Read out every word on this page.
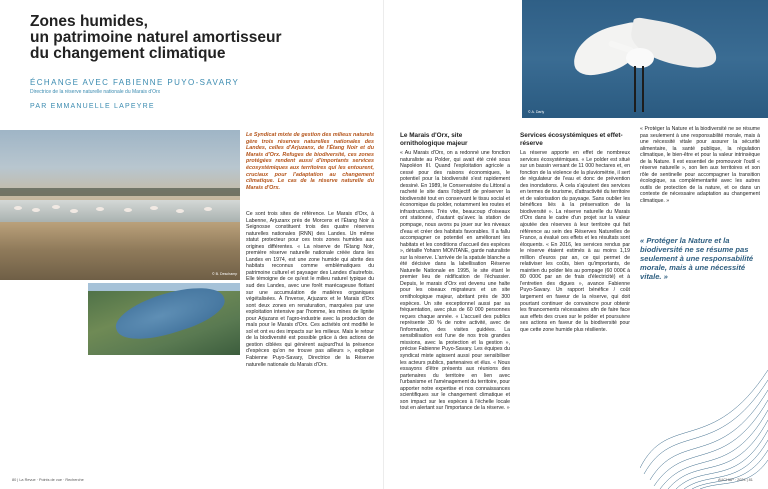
Zones humides,
un patrimoine naturel amortisseur
du changement climatique
ÉCHANGE AVEC FABIENNE PUYO-SAVARY
Directrice de la réserve naturelle nationale du Marais d'Orx
PAR EMMANUELLE LAPEYRE
© B. Deschamp
Le Syndicat mixte de gestion des milieux naturels gère trois réserves naturelles nationales des Landes, celles d'Arjuzanx, de l'Étang Noir et du Marais d'Orx. Refuges de biodiversité, ces zones protégées rendent aussi d'importants services écosystémiques aux territoires qui les entourent, cruciaux pour l'adaptation au changement climatique. Le cas de la réserve naturelle du Marais d'Orx.
Ce sont trois sites de référence. Le Marais d'Orx, à Labenne, Arjuzanx près de Morcenx et l'Étang Noir à Seignosse constituent trois des quatre réserves naturelles nationales (RNN) des Landes. Un même statut protecteur pour ces trois zones humides aux origines différentes. « La réserve de l'Étang Noir, première réserve naturelle nationale créée dans les Landes en 1974, est une zone humide qui abrite des habitats reconnus comme emblématiques du patrimoine culturel et paysager des Landes d'autrefois. Elle témoigne de ce qu'est le milieu naturel typique du sud des Landes, avec une forêt marécageuse flottant sur une accumulation de matières organiques végétalisées. À l'inverse, Arjuzanx et le Marais d'Orx sont deux zones en renaturation, marquées par une exploitation intensive par l'homme, les mines de lignite pour Arjuzanx et l'agro-industrie avec la production de maïs pour le Marais d'Orx. Ces activités ont modifié le sol et ont eu des impacts sur les milieux. Mais le retour de la biodiversité est possible grâce à des actions de gestion ciblées qui génèrent aujourd'hui la présence d'espèces qu'on ne trouve pas ailleurs », explique Fabienne Puyo-Savary, Directrice de la Réserve naturelle nationale du Marais d'Orx.
80 | La Revue · Points de vue · Recherche
© A. Darly
Le Marais d'Orx, site ornithologique majeur
« Au Marais d'Orx, on a redonné une fonction naturaliste au Polder, qui avait été créé sous Napoléon III. Quand l'exploitation agricole a cessé pour des raisons économiques, le potentiel pour la biodiversité s'est rapidement dessiné. En 1989, le Conservatoire du Littoral a racheté le site dans l'objectif de préserver la biodiversité tout en conservant le tissu social et économique du polder, notamment les routes et infrastructures. Très vite, beaucoup d'oiseaux ont stationné, d'autant qu'avec la station de pompage, nous avons pu jouer sur les niveaux d'eau et créer des habitats favorables. Il a fallu accompagner ce potentiel en améliorant les habitats et les conditions d'accueil des espèces », détaille Yohann MONTANE, garde naturaliste sur la réserve. L'arrivée de la spatule blanche a été décisive dans la labellisation Réserve Naturelle Nationale en 1995, le site étant le premier lieu de nidification de l'échassier. Depuis, le marais d'Orx est devenu une halte pour les oiseaux migrateurs et un site ornithologique majeur, abritant près de 300 espèces. Un site exceptionnel aussi par sa fréquentation, avec plus de 60 000 personnes reçues chaque année. « L'accueil des publics représente 30 % de notre activité, avec de l'information, des visites guidées. La sensibilisation est l'une de nos trois grandes missions, avec la protection et la gestion », précise Fabienne Puyo-Savary. Les équipes du syndicat mixte agissent aussi pour sensibiliser les acteurs publics, partenaires et élus. « Nous essayons d'être présents aux réunions des partenaires du territoire en lien avec l'urbanisme et l'aménagement du territoire, pour apporter notre expertise et nos connaissances scientifiques sur le changement climatique et son impact sur les espèces à l'échelle locale tout en alertant sur l'importance de la réserve. »
Services écosystémiques et effet-réserve
La réserve apporte en effet de nombreux services écosystémiques. « Le polder est situé sur un bassin versant de 11 000 hectares et, en fonction de la violence de la pluviométrie, il sert de régulateur de l'eau et donc de prévention des inondations. À cela s'ajoutent des services en termes de tourisme, d'attractivité du territoire et de valorisation du paysage. Sans oublier les bénéfices liés à la préservation de la biodiversité ». La réserve naturelle du Marais d'Orx dans le cadre d'un projet sur la valeur ajoutée des réserves à leur territoire qui fait référence au sein des Réserves Naturelles de France, a évalué ces effets et les résultats sont éloquents. « En 2016, les services rendus par le réserve étaient estimés à au moins 1,19 million d'euros par an, ce qui permet de relativiser les coûts, bien qu'importants, de maintien du polder liés au pompage (60 000€ à 80 000€ par an de frais d'électricité) et à l'entretien des digues », avance Fabienne Puyo-Savary. Un rapport bénéfice / coût largement en faveur de la réserve, qui doit pourtant continuer de convaincre pour obtenir les financements nécessaires afin de faire face aux effets des crues sur le polder et poursuivre ses actions en faveur de la biodiversité pour que cette zone humide plus résiliente.
« Protéger la Nature et la biodiversité ne se résume pas seulement à une responsabilité morale, mais à une nécessité vitale pour assurer la sécurité alimentaire, la santé publique, la régulation climatique, le bien-être et pour la valeur intrinsèque de la Nature. Il est essentiel de promouvoir l'outil « réserve naturelle », son lien aux territoires et son rôle de sentinelle pour accompagner la transition écologique, sa complémentarité avec les autres outils de protection de la nature, et ce dans un contexte de nécessaire adaptation au changement climatique. »
« Protéger la Nature et la biodiversité ne se résume pas seulement à une responsabilité morale, mais à une nécessité vitale. »
AUCHAP · 2024 | 81
